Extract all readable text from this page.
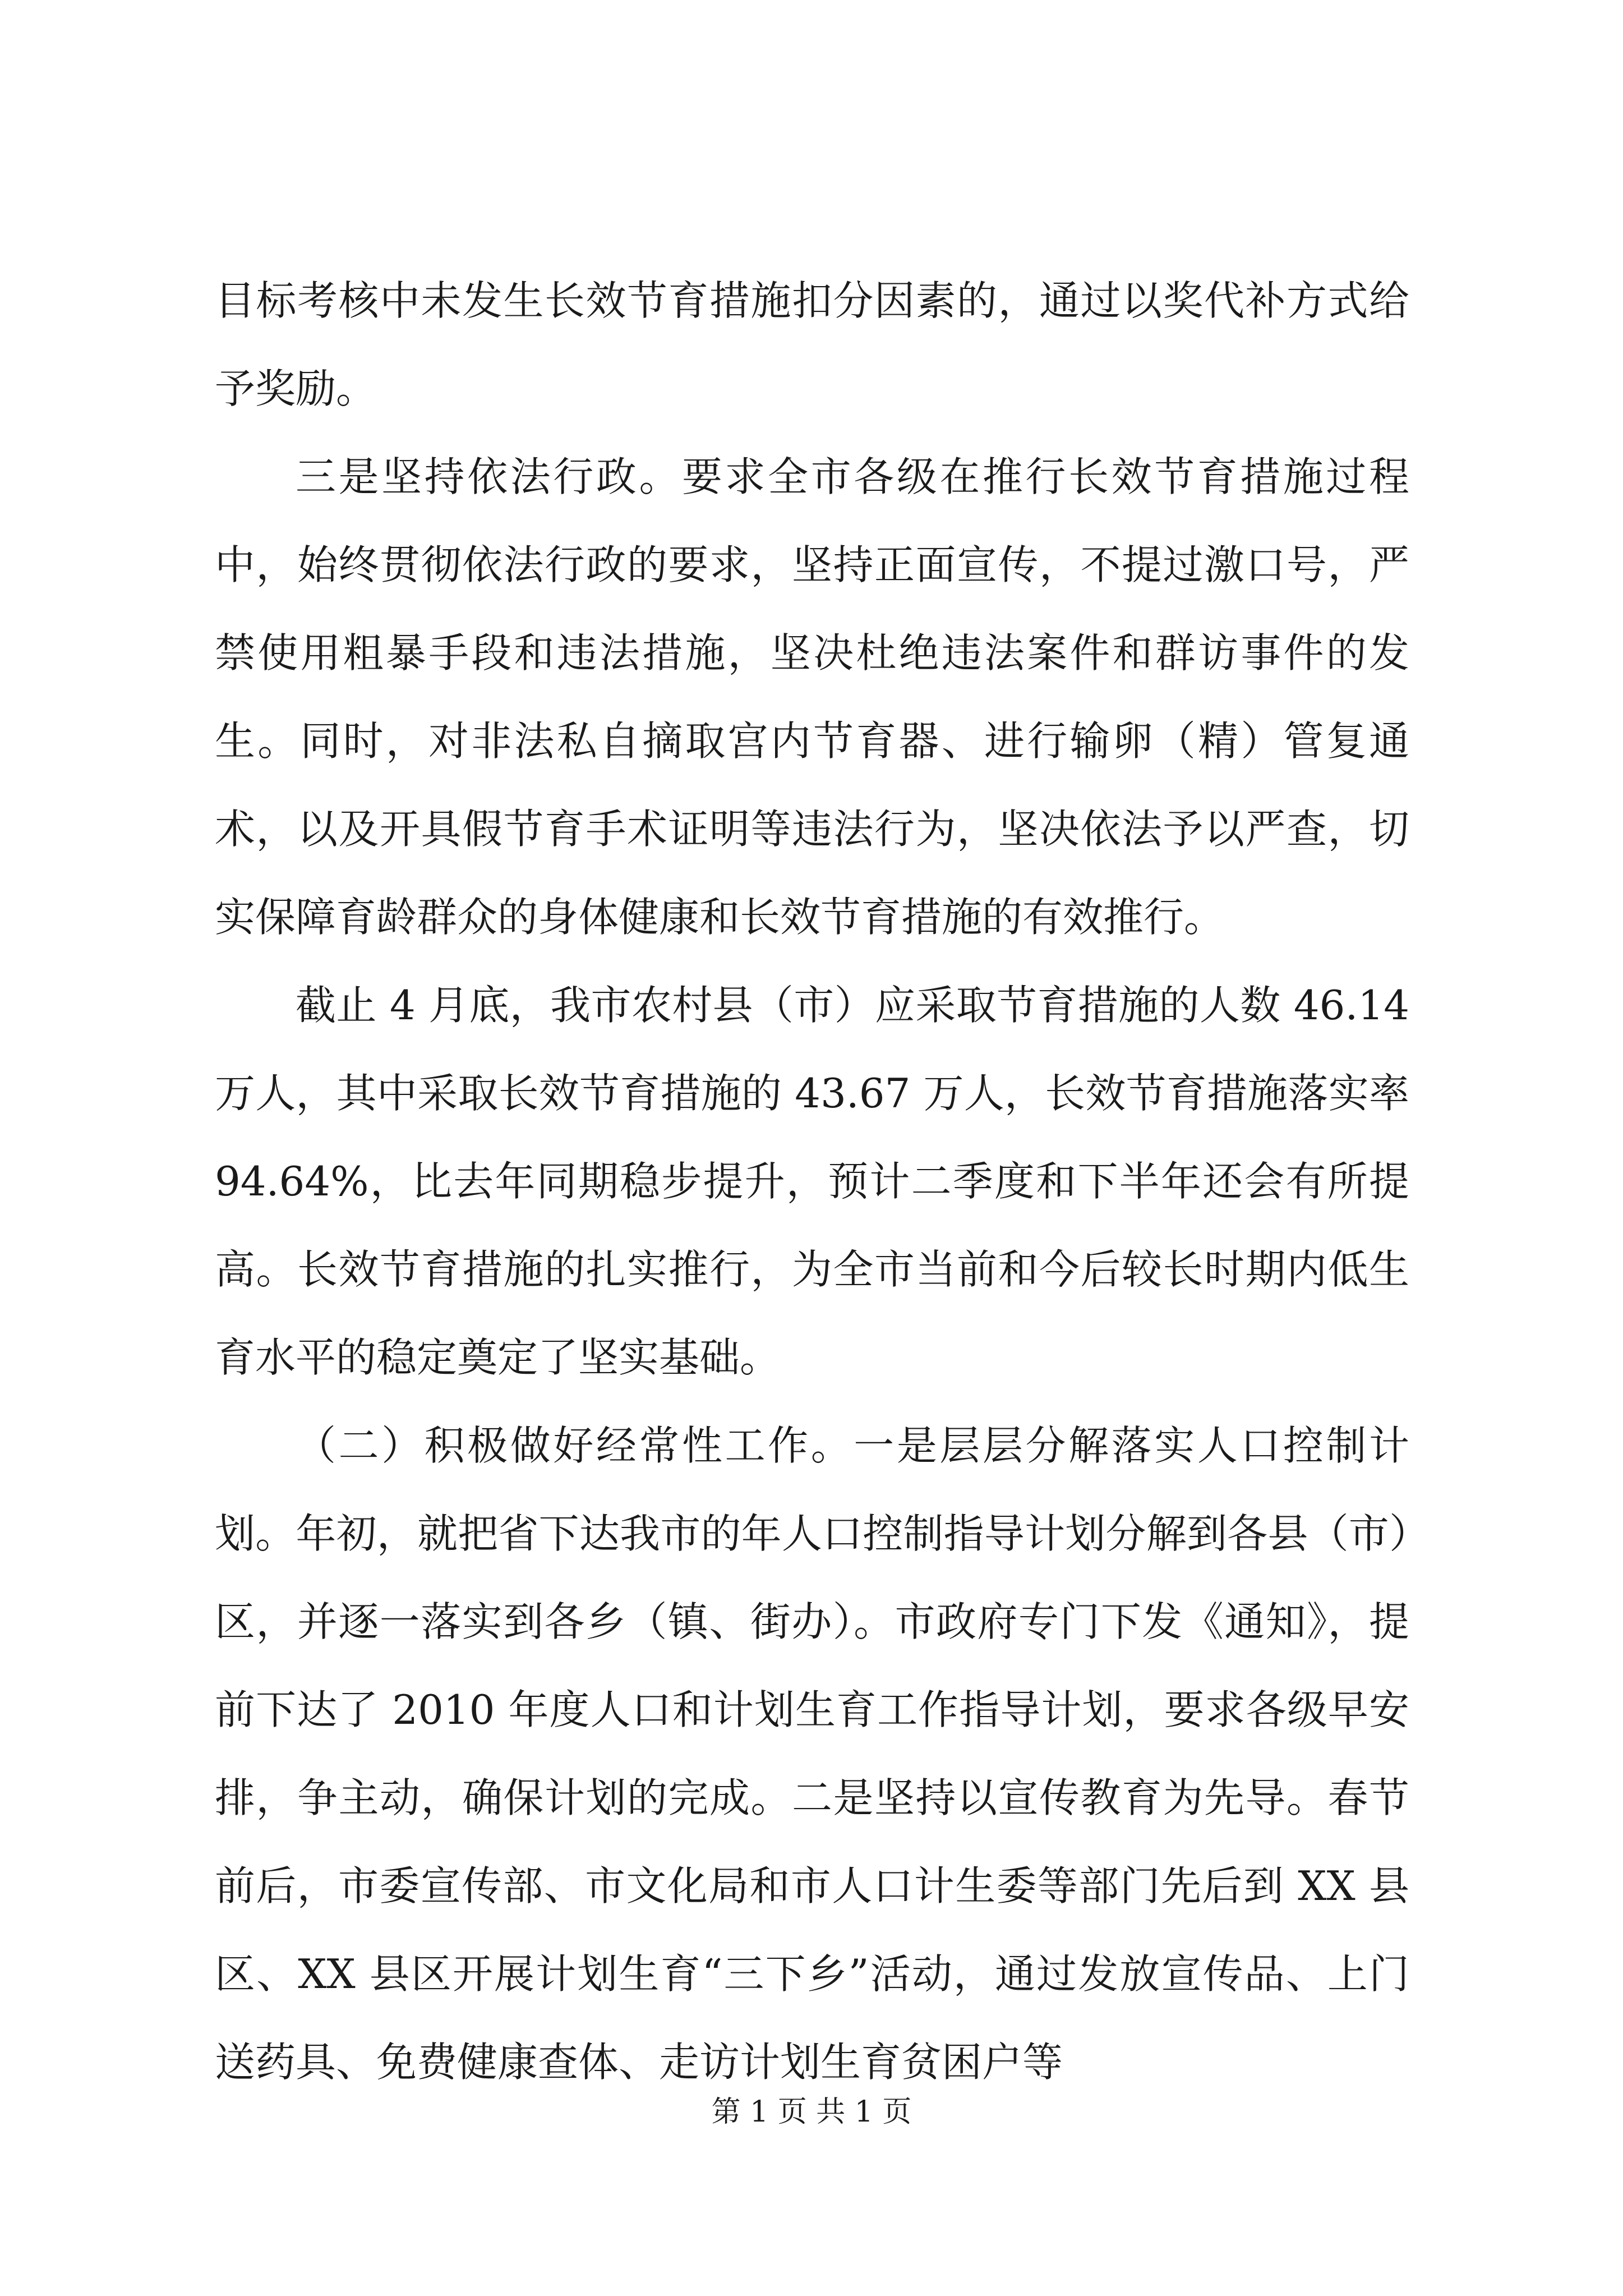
目标考核中未发生长效节育措施扣分因素的，通过以奖代补方式给予奖励。

三是坚持依法行政。要求全市各级在推行长效节育措施过程中，始终贯彻依法行政的要求，坚持正面宣传，不提过激口号，严禁使用粗暴手段和违法措施，坚决杜绝违法案件和群访事件的发生。同时，对非法私自摘取宫内节育器、进行输卵（精）管复通术，以及开具假节育手术证明等违法行为，坚决依法予以严查，切实保障育龄群众的身体健康和长效节育措施的有效推行。

截止 4 月底，我市农村县（市）应采取节育措施的人数 46.14 万人，其中采取长效节育措施的 43.67 万人，长效节育措施落实率 94.64%，比去年同期稳步提升，预计二季度和下半年还会有所提高。长效节育措施的扎实推行，为全市当前和今后较长时期内低生育水平的稳定奠定了坚实基础。

（二）积极做好经常性工作。一是层层分解落实人口控制计划。年初，就把省下达我市的年人口控制指导计划分解到各县（市）区，并逐一落实到各乡（镇、街办）。市政府专门下发《通知》，提前下达了 2010 年度人口和计划生育工作指导计划，要求各级早安排，争主动，确保计划的完成。二是坚持以宣传教育为先导。春节前后，市委宣传部、市文化局和市人口计生委等部门先后到 XX 县区、XX 县区开展计划生育“三下乡”活动，通过发放宣传品、上门送药具、免费健康查体、走访计划生育贫困户等

第 1 页 共 1 页
